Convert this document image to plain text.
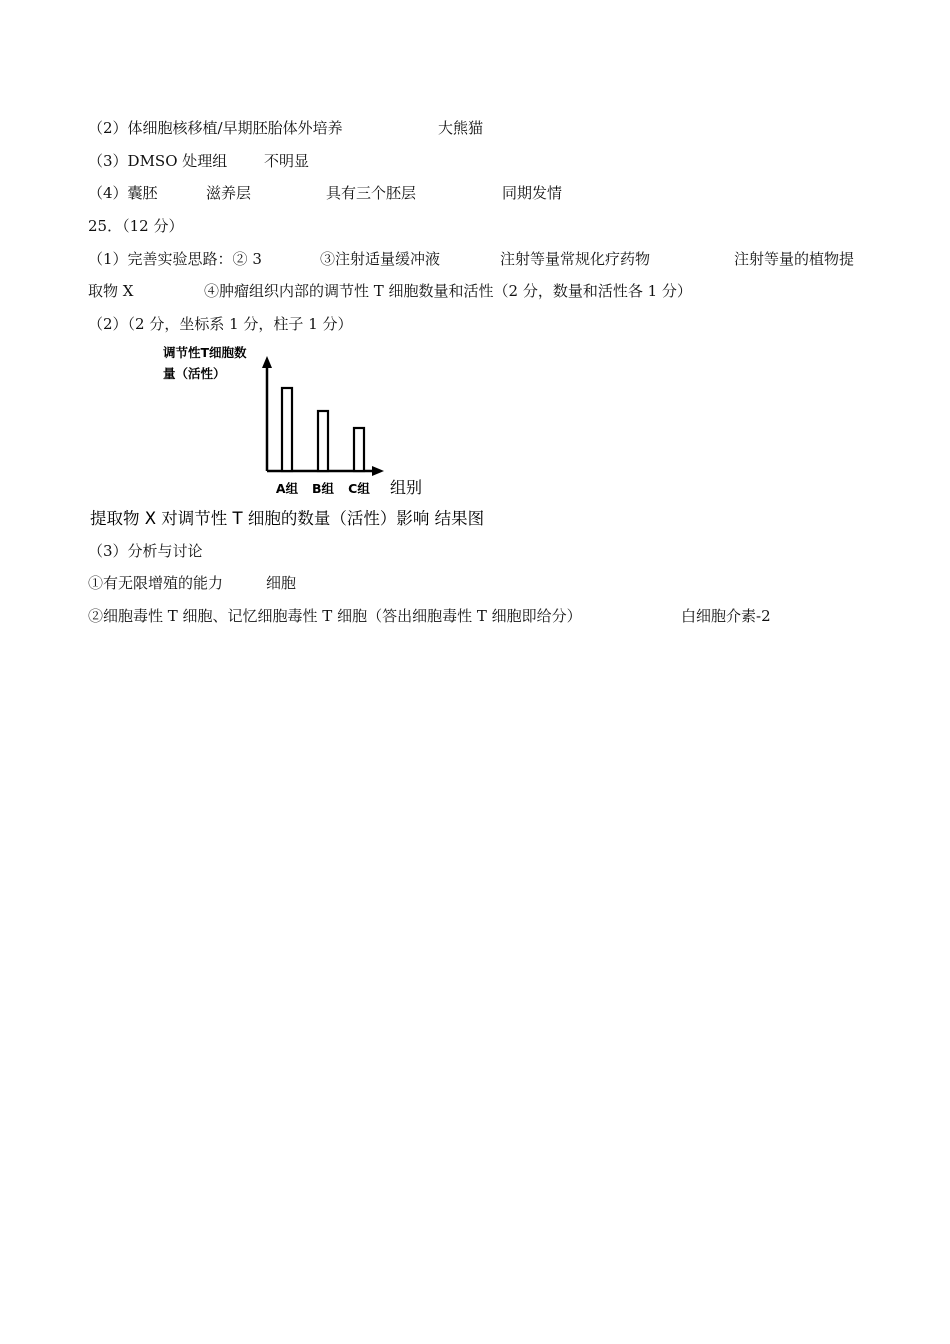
（2）体细胞核移植/早期胚胎体外培养	大熊猫
（3）DMSO 处理组 不明显
（4）囊胚	滋养层	具有三个胚层	同期发情
25．（12 分）
（1）完善实验思路：② 3	③注射适量缓冲液	注射等量常规化疗药物	注射等量的植物提
取物 X	④肿瘤组织内部的调节性 T 细胞数量和活性（2 分，数量和活性各 1 分）
（2）（2 分，坐标系 1 分，柱子 1 分）
调节性T细胞数
量（活性）
A组 B组 C组 组别
提取物 X 对调节性 T 细胞的数量（活性）影响 结果图
（3）分析与讨论
①有无限增殖的能力	细胞
②细胞毒性 T 细胞、记忆细胞毒性 T 细胞（答出细胞毒性 T 细胞即给分）	白细胞介素-2
